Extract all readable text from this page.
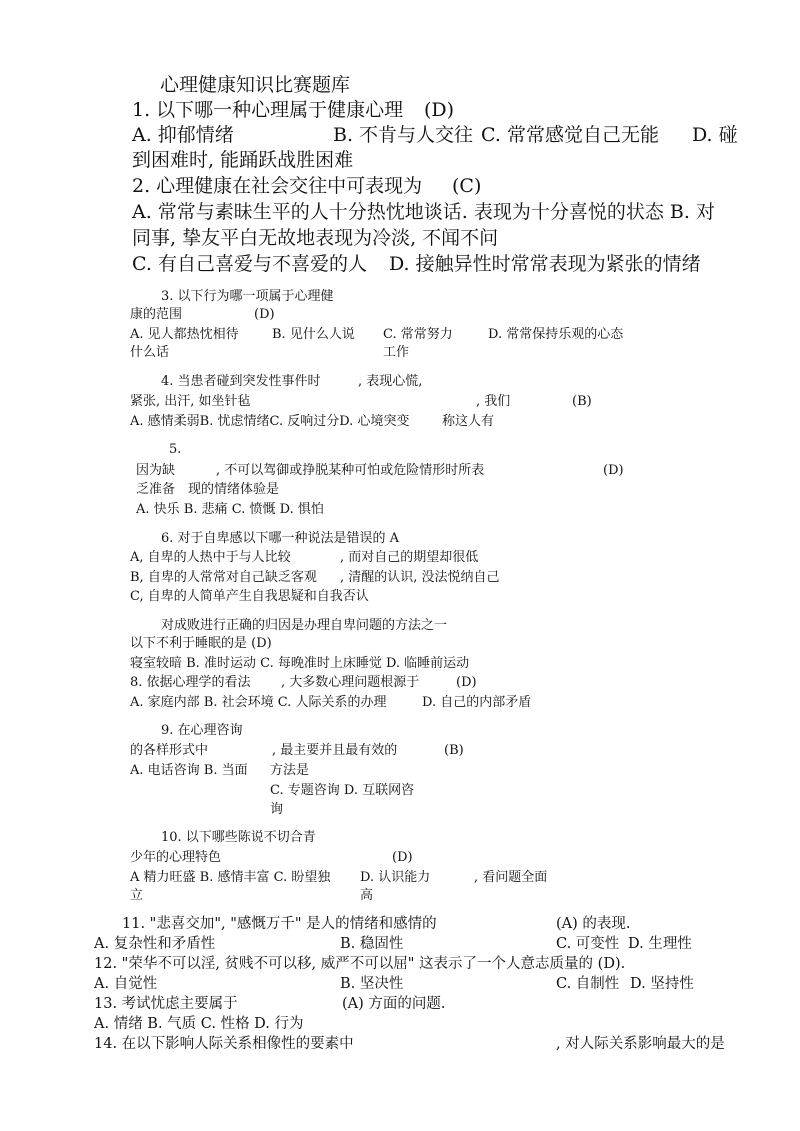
心理健康知识比赛题库
1. 以下哪一种心理属于健康心理 (D)
A. 抑郁情绪	B. 不肯与人交往 C. 常常感觉自己无能 D. 碰
到困难时, 能踊跃战胜困难
2. 心理健康在社会交往中可表现为 (C)
A. 常常与素昧生平的人十分热忱地谈话. 表现为十分喜悦的状态 B. 对
同事, 挚友平白无故地表现为冷淡, 不闻不问
C. 有自己喜爱与不喜爱的人 D. 接触异性时常常表现为紧张的情绪
3. 以下行为哪一项属于心理健
康的范围	(D)
A. 见人都热忱相待
什么话
B. 见什么人说 C. 常常努力
工作
D. 常常保持乐观的心态
4. 当患者碰到突发性事件时	, 表现心慌,
紧张, 出汗, 如坐针毡	, 我们	(B)
A. 感情柔弱B. 忧虑情绪C. 反响过分D. 心境突变	称这人有
5.
因为缺	, 不可以驾御或挣脱某种可怕或危险情形时所表	(D)
乏准备 现的情绪体验是
A. 快乐 B. 悲痛 C. 愤慨 D. 惧怕
6. 对于自卑感以下哪一种说法是错误的 A
A, 自卑的人热中于与人比较	, 而对自己的期望却很低
B, 自卑的人常常对自己缺乏客观 , 清醒的认识, 没法悦纳自己
C, 自卑的人简单产生自我思疑和自我否认
对成败进行正确的归因是办理自卑问题的方法之一
以下不利于睡眠的是 (D)
寝室较暗 B. 准时运动 C. 每晚准时上床睡觉 D. 临睡前运动
8. 依据心理学的看法 , 大多数心理问题根源于	(D)
A. 家庭内部 B. 社会环境 C. 人际关系的办理	D. 自己的内部矛盾
9. 在心理咨询
的各样形式中	, 最主要并且最有效的	(B)
A. 电话咨询 B. 当面 方法是
C. 专题咨询 D. 互联网咨
询
10. 以下哪些陈说不切合青
少年的心理特色	(D)
A 精力旺盛 B. 感情丰富 C. 盼望独
立
D. 认识能力
高
, 看问题全面
11. "悲喜交加", "感慨万千" 是人的情绪和感情的	(A) 的表现.
A. 复杂性和矛盾性	B. 稳固性	C. 可变性 D. 生理性
12. "荣华不可以淫, 贫贱不可以移, 威严不可以屈" 这表示了一个人意志质量的 (D).
A. 自觉性	B. 坚决性	C. 自制性 D. 坚持性
13. 考试忧虑主要属于	(A) 方面的问题.
A. 情绪 B. 气质 C. 性格 D. 行为
14. 在以下影响人际关系相像性的要素中	, 对人际关系影响最大的是
